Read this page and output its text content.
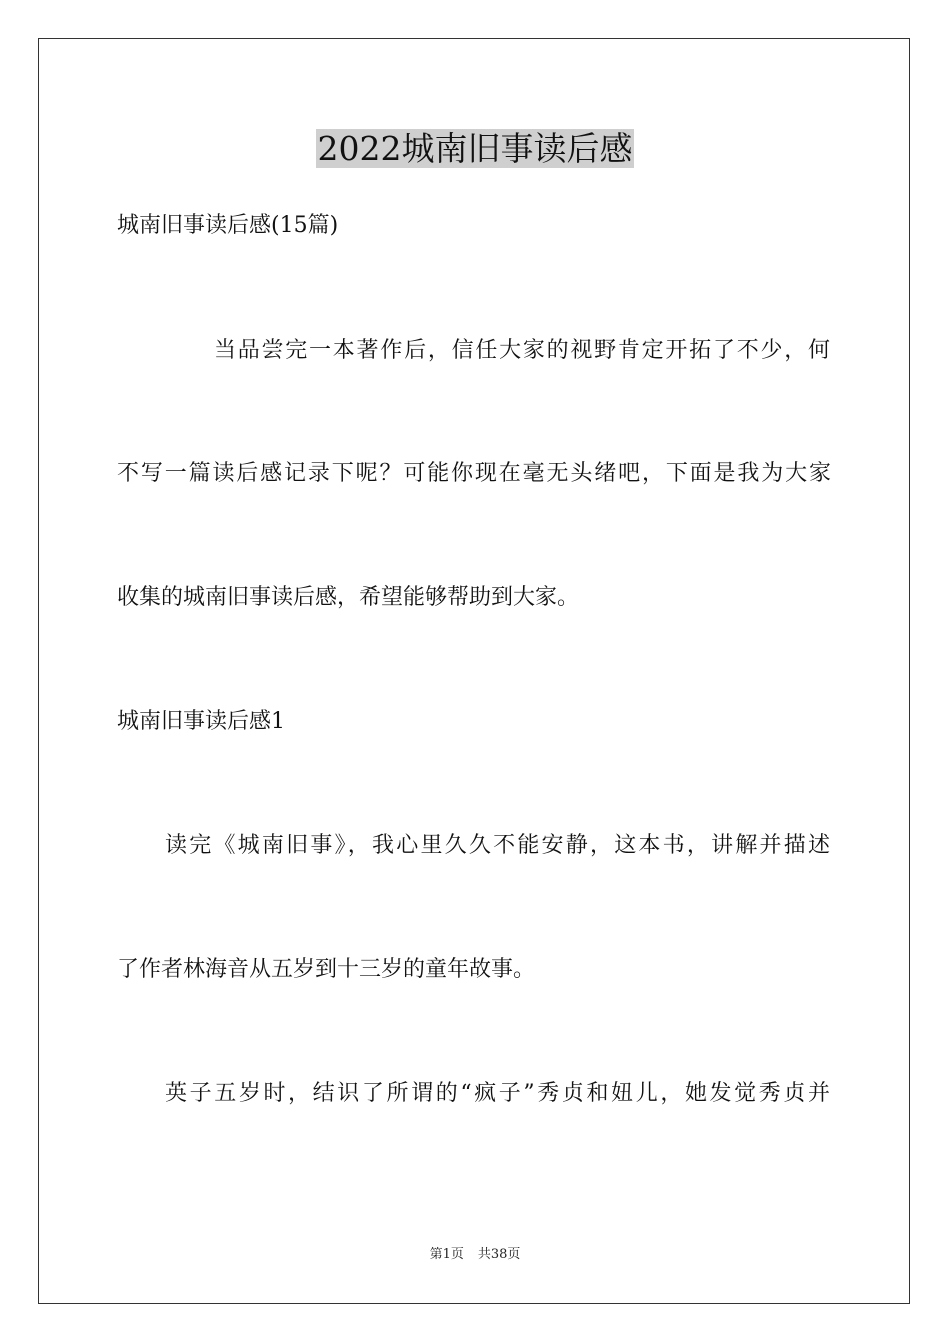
2022城南旧事读后感

城南旧事读后感(15篇)

当品尝完一本著作后，信任大家的视野肯定开拓了不少，何

不写一篇读后感记录下呢？可能你现在毫无头绪吧，下面是我为大家

收集的城南旧事读后感，希望能够帮助到大家。

城南旧事读后感1

读完《城南旧事》，我心里久久不能安静，这本书，讲解并描述

了作者林海音从五岁到十三岁的童年故事。

英子五岁时，结识了所谓的“疯子”秀贞和妞儿，她发觉秀贞并

第1页 共38页
